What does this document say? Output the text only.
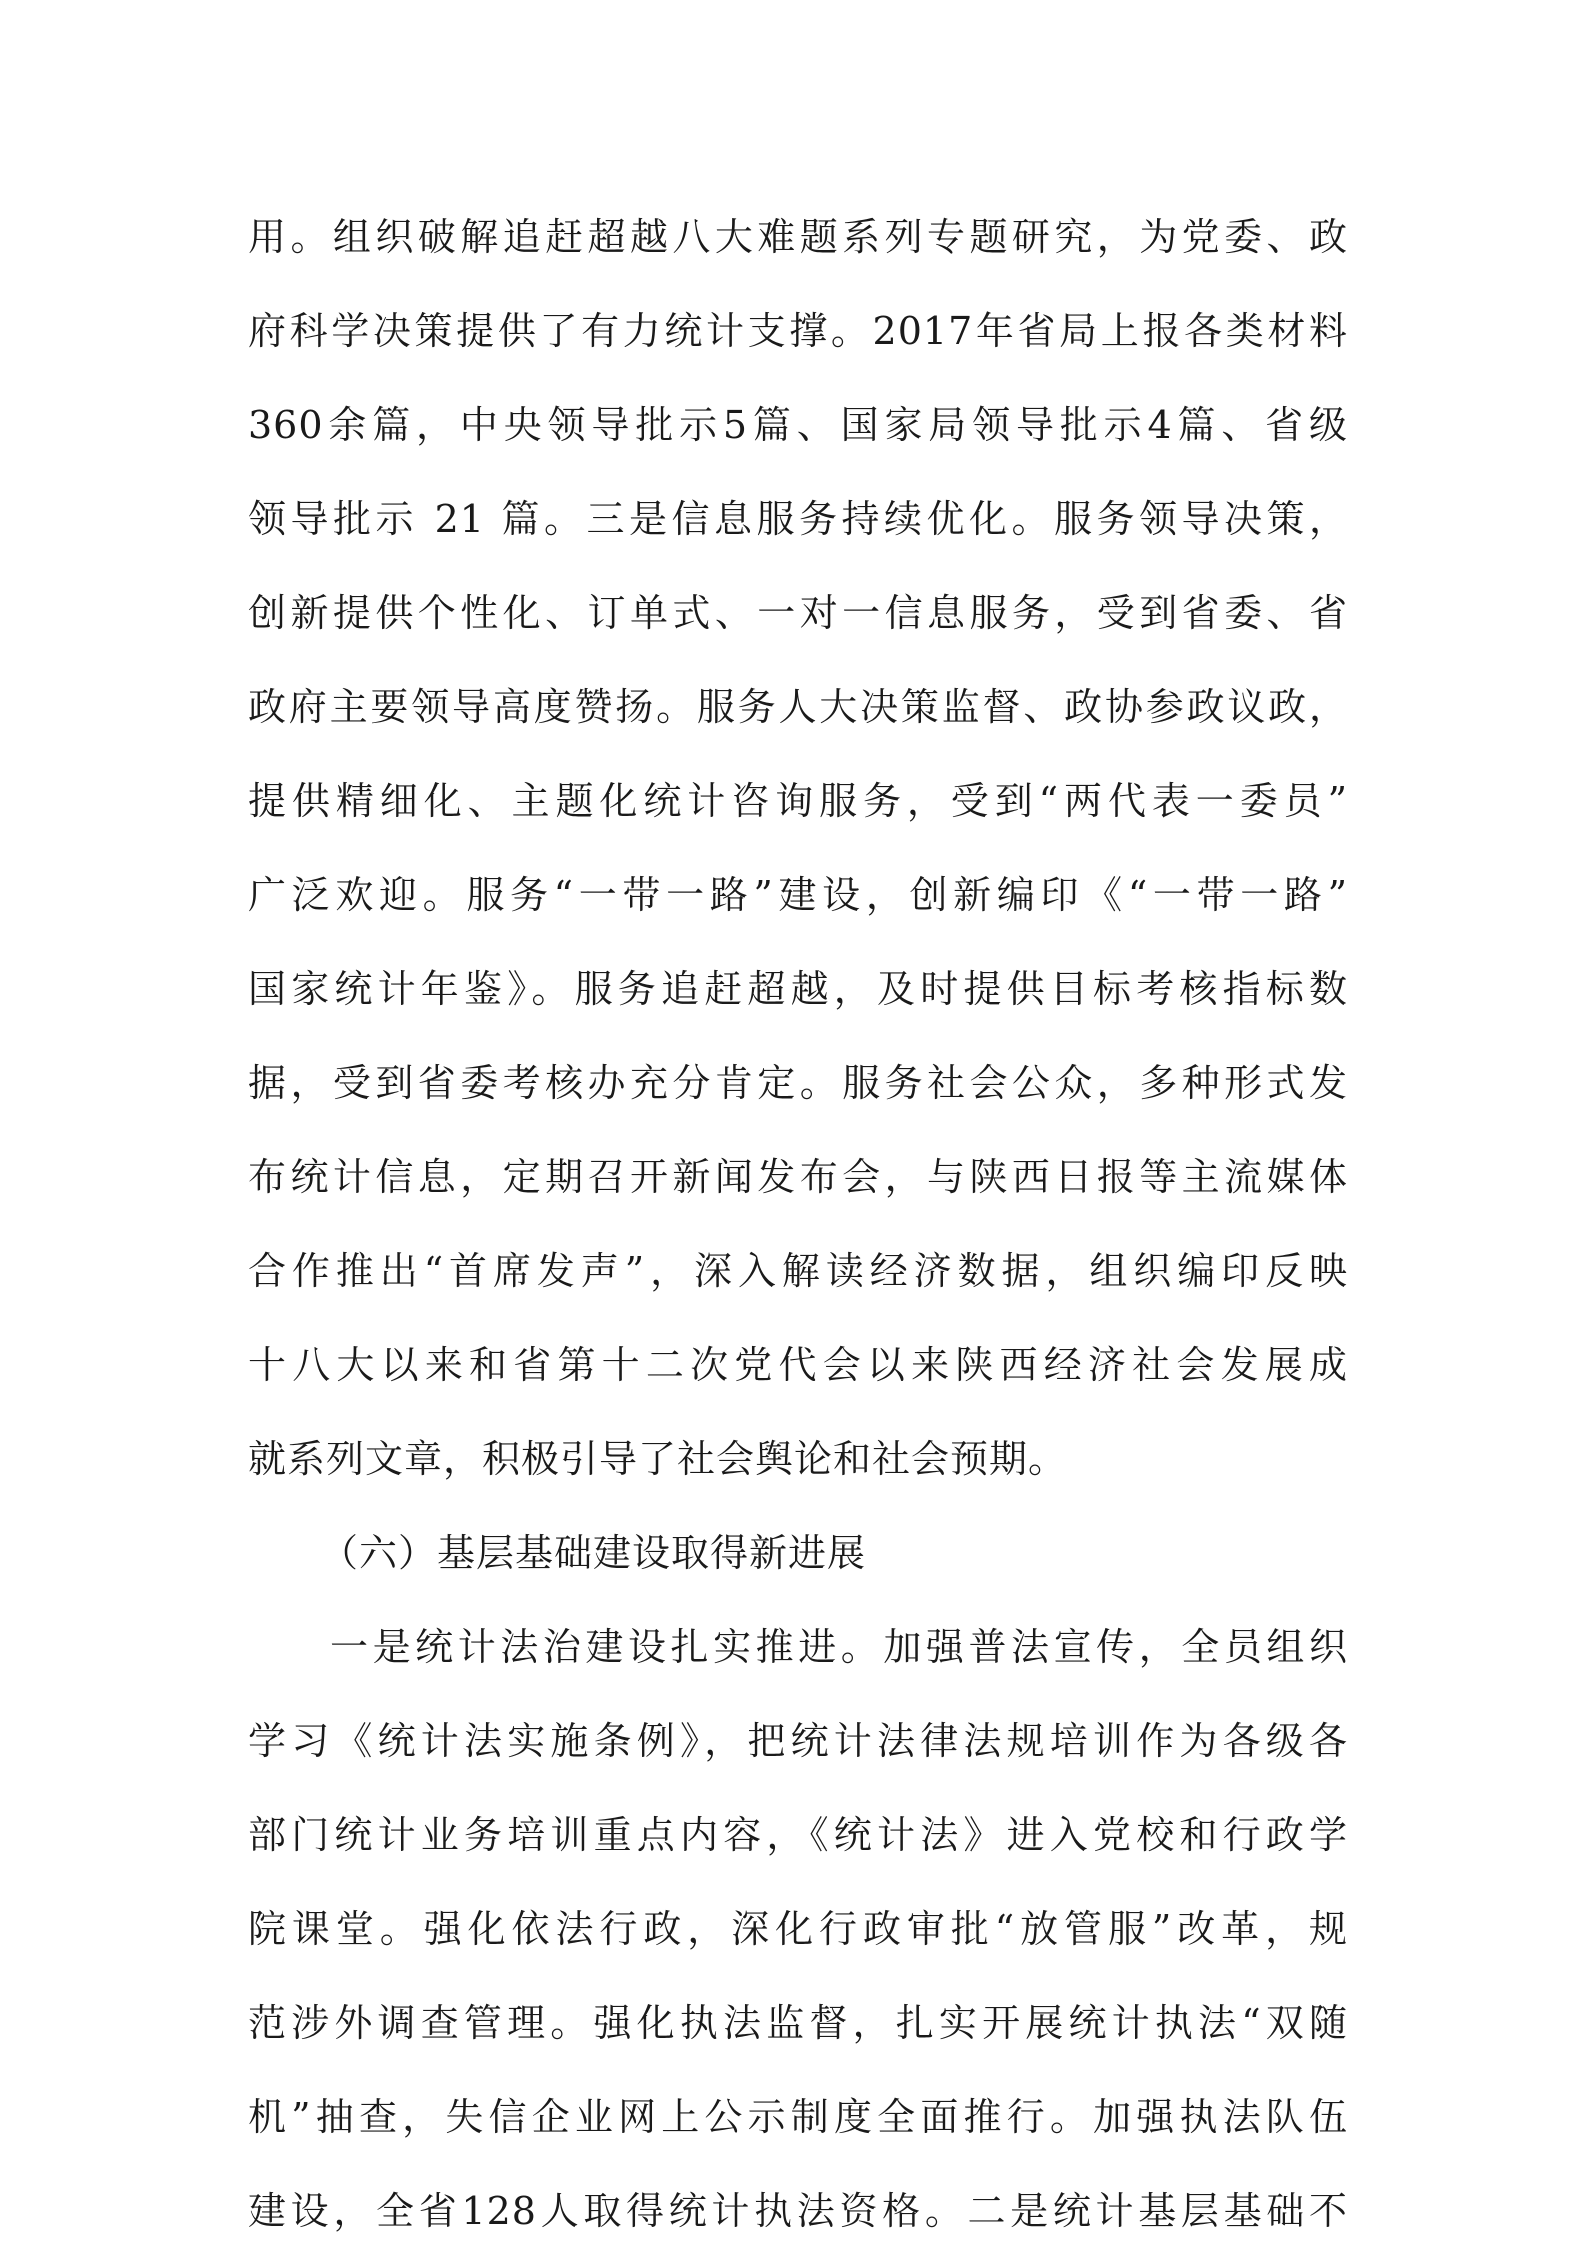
用。组织破解追赶超越八大难题系列专题研究，为党委、政
府科学决策提供了有力统计支撑。2017年省局上报各类材料
360余篇，中央领导批示5篇、国家局领导批示4篇、省级
领导批示 21 篇。三是信息服务持续优化。服务领导决策，
创新提供个性化、订单式、一对一信息服务，受到省委、省
政府主要领导高度赞扬。服务人大决策监督、政协参政议政，
提供精细化、主题化统计咨询服务，受到“两代表一委员”
广泛欢迎。服务“一带一路”建设，创新编印《“一带一路”
国家统计年鉴》。服务追赶超越，及时提供目标考核指标数
据，受到省委考核办充分肯定。服务社会公众，多种形式发
布统计信息，定期召开新闻发布会，与陕西日报等主流媒体
合作推出“首席发声”，深入解读经济数据，组织编印反映
十八大以来和省第十二次党代会以来陕西经济社会发展成
就系列文章，积极引导了社会舆论和社会预期。
（六）基层基础建设取得新进展
一是统计法治建设扎实推进。加强普法宣传，全员组织
学习《统计法实施条例》，把统计法律法规培训作为各级各
部门统计业务培训重点内容，《统计法》进入党校和行政学
院课堂。强化依法行政，深化行政审批“放管服”改革，规
范涉外调查管理。强化执法监督，扎实开展统计执法“双随
机”抽查，失信企业网上公示制度全面推行。加强执法队伍
建设，全省128人取得统计执法资格。二是统计基层基础不
